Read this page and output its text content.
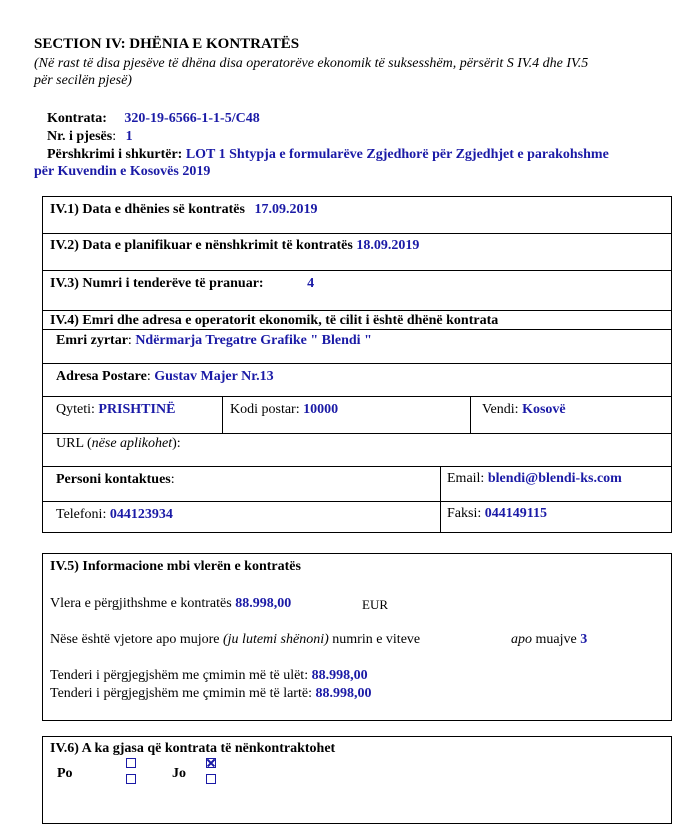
SECTION IV: DHËNIA E KONTRATËS
(Në rast të disa pjesëve të dhëna disa operatorëve ekonomik të suksesshëm, përsërit S IV.4 dhe IV.5
për secilën pjesë)
Kontrata: 320-19-6566-1-1-5/C48
Nr. i pjesës: 1
Përshkrimi i shkurtër: LOT 1 Shtypja e formularëve Zgjedhorë për Zgjedhjet e parakohshme
për Kuvendin e Kosovës 2019
IV.1) Data e dhënies së kontratës 17.09.2019
IV.2) Data e planifikuar e nënshkrimit të kontratës 18.09.2019
IV.3) Numri i tenderëve të pranuar:	4
IV.4) Emri dhe adresa e operatorit ekonomik, të cilit i është dhënë kontrata
Emri zyrtar: Ndërmarja Tregatre Grafike " Blendi "
Adresa Postare: Gustav Majer Nr.13
Qyteti: PRISHTINË	Kodi postar: 10000	Vendi: Kosovë
URL (nëse aplikohet):
Personi kontaktues:	Email: blendi@blendi-ks.com
Telefoni: 044123934	Faksi: 044149115
IV.5) Informacione mbi vlerën e kontratës
Vlera e përgjithshme e kontratës 88.998,00	EUR
Nëse është vjetore apo mujore (ju lutemi shënoni) numrin e viteve	apo muajve 3
Tenderi i përgjegjshëm me çmimin më të ulët: 88.998,00
Tenderi i përgjegjshëm me çmimin më të lartë: 88.998,00
IV.6) A ka gjasa që kontrata të nënkontraktohet
Po	Jo
